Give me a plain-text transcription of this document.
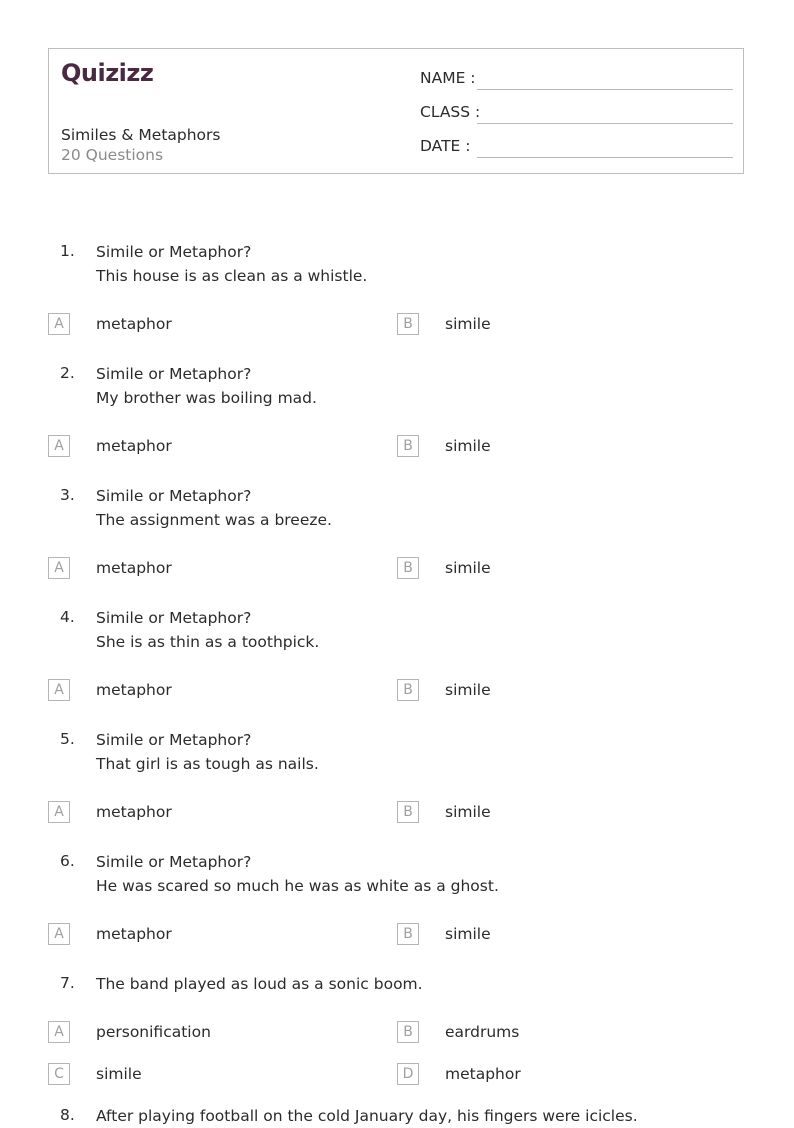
Quizizz
Similes & Metaphors
20 Questions
NAME :
CLASS :
DATE :
1. Simile or Metaphor?
This house is as clean as a whistle.
A	metaphor	B	simile
2. Simile or Metaphor?
My brother was boiling mad.
A	metaphor	B	simile
3. Simile or Metaphor?
The assignment was a breeze.
A	metaphor	B	simile
4. Simile or Metaphor?
She is as thin as a toothpick.
A	metaphor	B	simile
5. Simile or Metaphor?
That girl is as tough as nails.
A	metaphor	B	simile
6. Simile or Metaphor?
He was scared so much he was as white as a ghost.
A	metaphor	B	simile
7. The band played as loud as a sonic boom.
A	personification	B	eardrums
C	simile	D	metaphor
8. After playing football on the cold January day, his fingers were icicles.
